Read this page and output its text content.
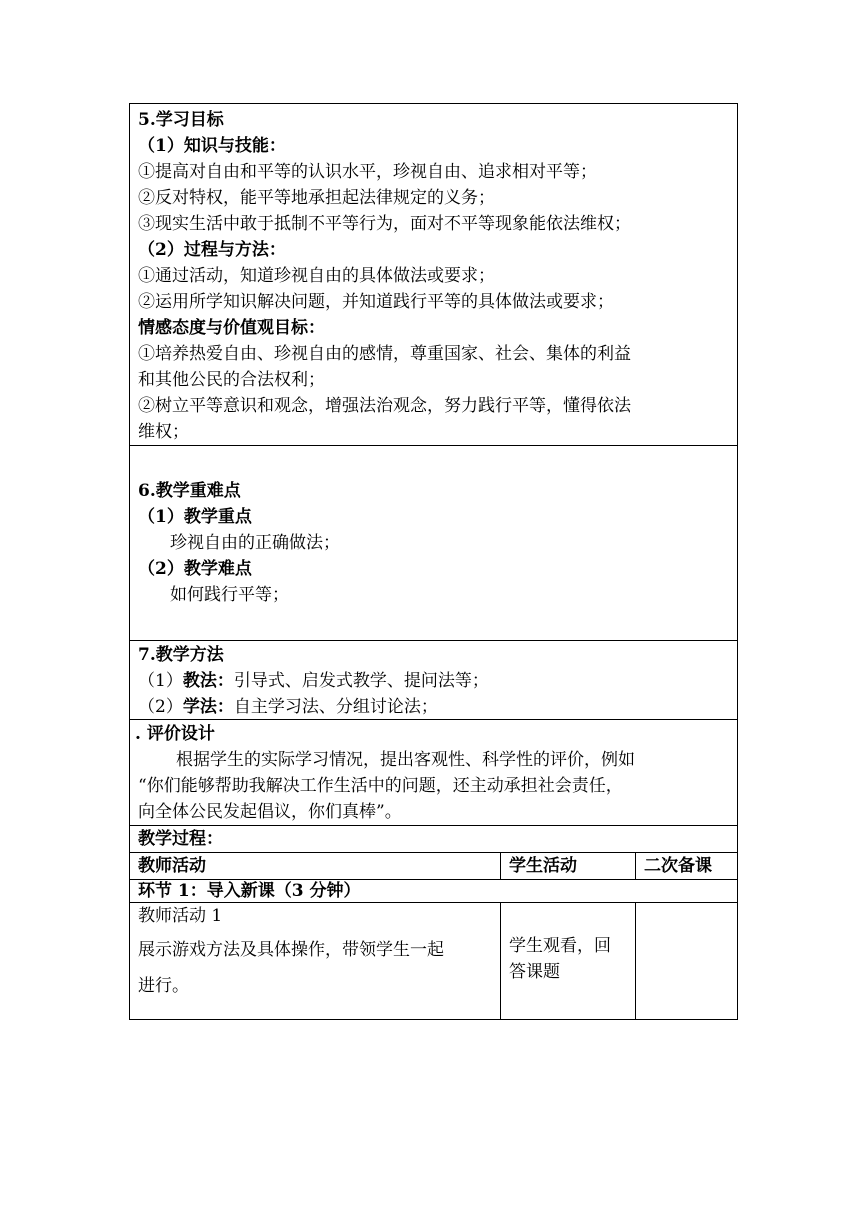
5.学习目标
（1）知识与技能：
①提高对自由和平等的认识水平，珍视自由、追求相对平等；
②反对特权，能平等地承担起法律规定的义务；
③现实生活中敢于抵制不平等行为，面对不平等现象能依法维权；
（2）过程与方法：
①通过活动，知道珍视自由的具体做法或要求；
②运用所学知识解决问题，并知道践行平等的具体做法或要求；
情感态度与价值观目标：
①培养热爱自由、珍视自由的感情，尊重国家、社会、集体的利益
和其他公民的合法权利；
②树立平等意识和观念，增强法治观念，努力践行平等，懂得依法
维权；
6.教学重难点
（1）教学重点
珍视自由的正确做法；
（2）教学难点
如何践行平等；
7.教学方法
（1）教法：引导式、启发式教学、提问法等；
（2）学法：自主学习法、分组讨论法；
. 评价设计
根据学生的实际学习情况，提出客观性、科学性的评价，例如
“你们能够帮助我解决工作生活中的问题，还主动承担社会责任，
向全体公民发起倡议，你们真棒”。
教学过程：
教师活动	学生活动	二次备课
环节 1：导入新课（3 分钟）
教师活动 1
展示游戏方法及具体操作，带领学生一起
进行。
学生观看，回
答课题
